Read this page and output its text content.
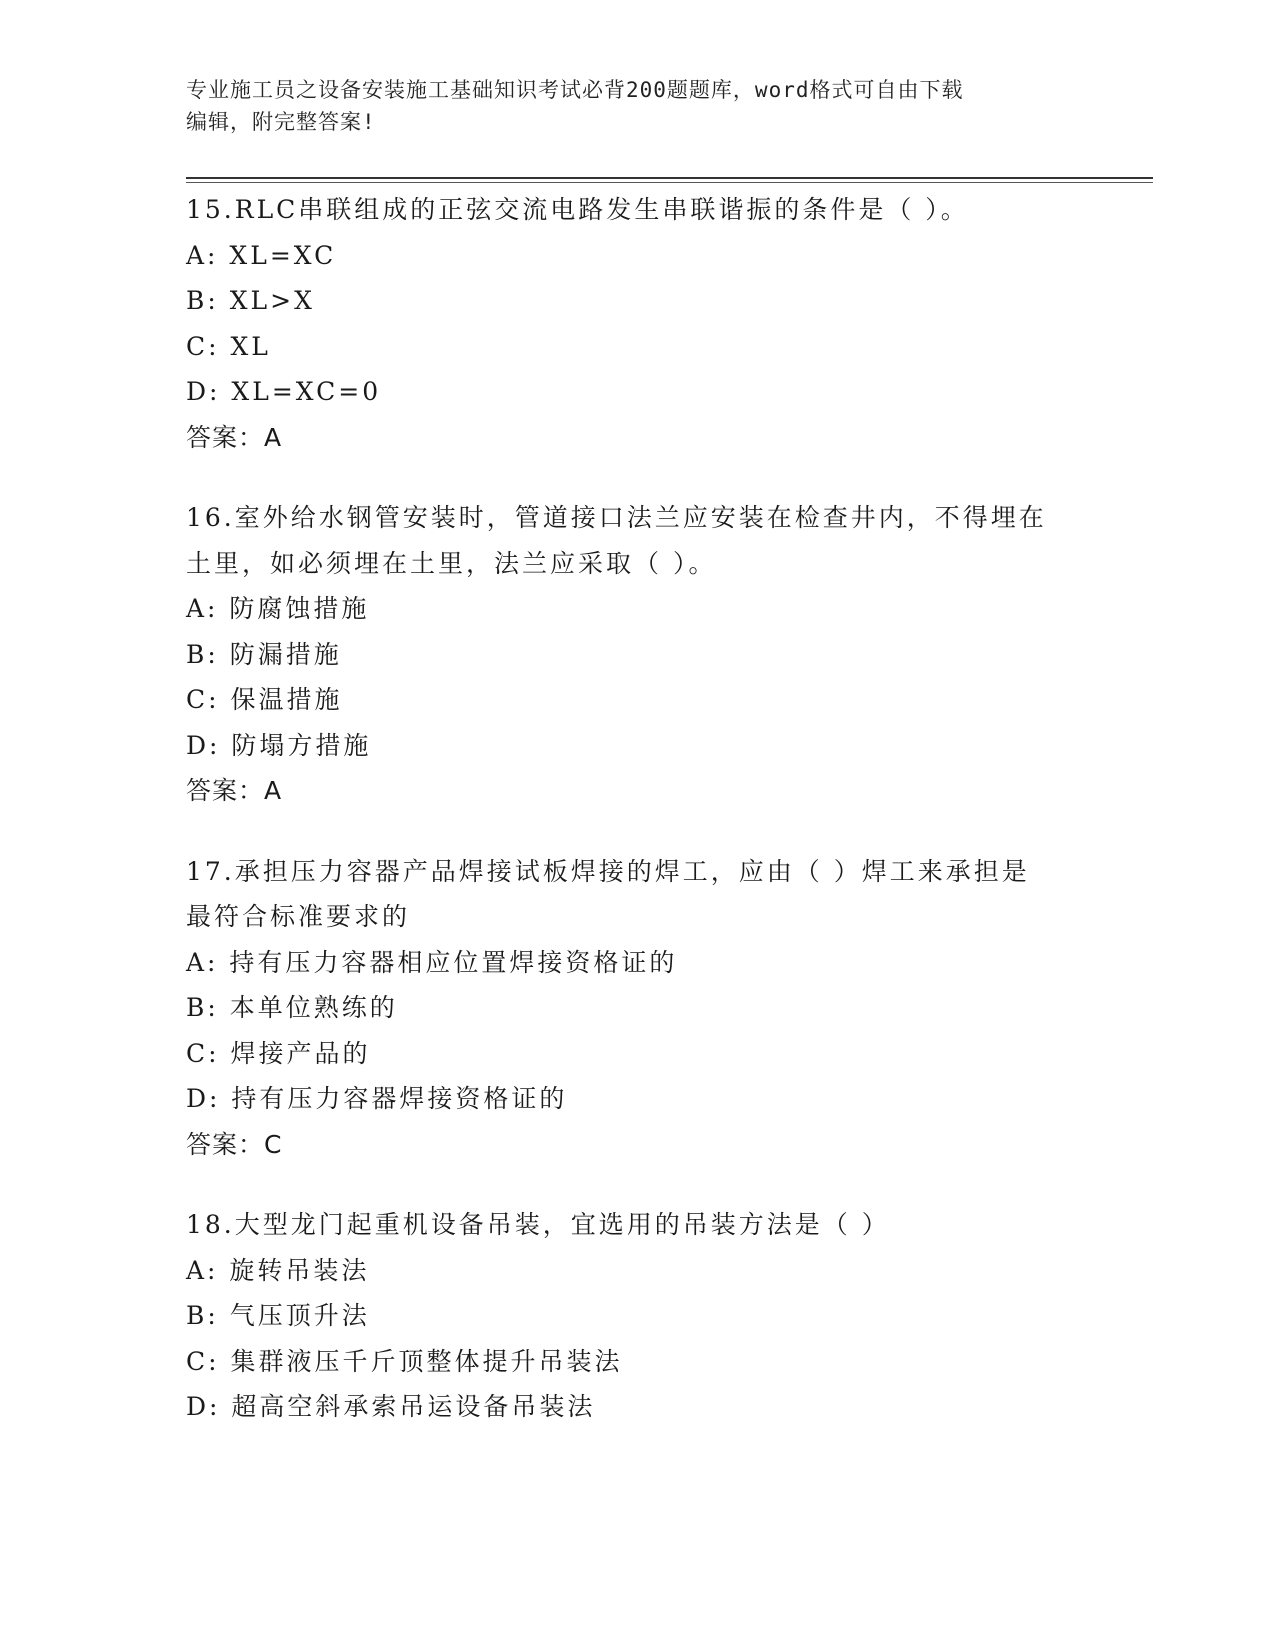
专业施工员之设备安装施工基础知识考试必背200题题库，word格式可自由下载
编辑，附完整答案!
15.RLC串联组成的正弦交流电路发生串联谐振的条件是（ ）。
A: XL=XC
B: XL>X
C: XL
D: XL=XC=0
答案：A
16.室外给水钢管安装时，管道接口法兰应安装在检查井内，不得埋在
土里，如必须埋在土里，法兰应采取（ ）。
A: 防腐蚀措施
B: 防漏措施
C: 保温措施
D: 防塌方措施
答案：A
17.承担压力容器产品焊接试板焊接的焊工，应由（ ）焊工来承担是
最符合标准要求的
A: 持有压力容器相应位置焊接资格证的
B: 本单位熟练的
C: 焊接产品的
D: 持有压力容器焊接资格证的
答案：C
18.大型龙门起重机设备吊装，宜选用的吊装方法是（ ）
A: 旋转吊装法
B: 气压顶升法
C: 集群液压千斤顶整体提升吊装法
D: 超高空斜承索吊运设备吊装法
